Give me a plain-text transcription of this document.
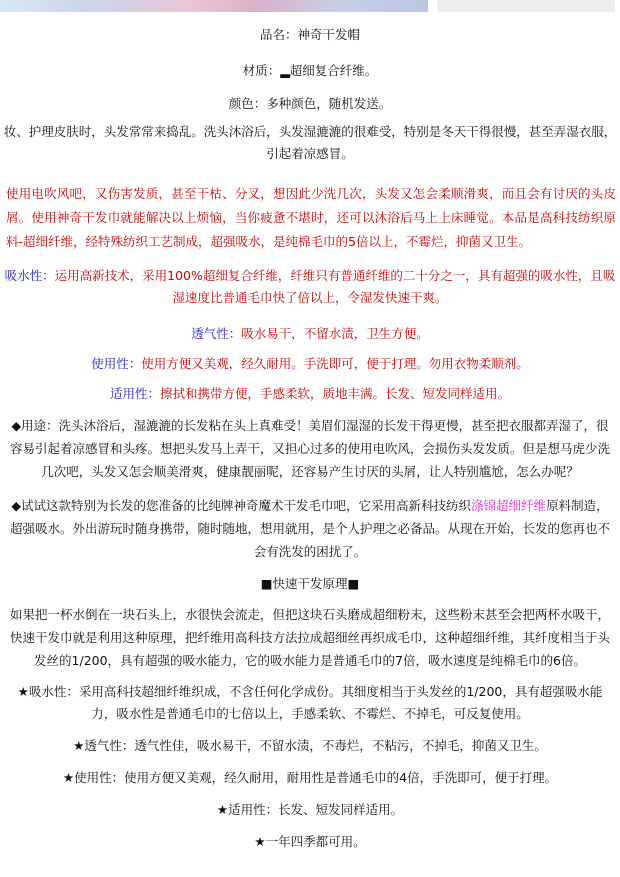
品名：神奇干发帽

材质：▂超细复合纤维。

颜色：多种颜色，随机发送。

妆、护理皮肤时，头发常常来捣乱。洗头沐浴后，头发湿漉漉的很难受，特别是冬天干得很慢，甚至弄湿衣服，引起着凉感冒。

使用电吹风吧，又伤害发质，甚至干枯、分叉，想因此少洗几次，头发又怎会柔顺滑爽，而且会有讨厌的头皮屑。使用神奇干发巾就能解决以上烦恼，当你疲惫不堪时，还可以沐浴后马上上床睡觉。本品是高科技纺织原料-超细纤维，经特殊纺织工艺制成，超强吸水，是纯棉毛巾的5倍以上，不霉烂，抑菌又卫生。

吸水性：运用高新技术，采用100%超细复合纤维，纤维只有普通纤维的二十分之一，具有超强的吸水性，且吸湿速度比普通毛巾快了倍以上，令湿发快速干爽。

透气性：吸水易干，不留水渍，卫生方便。

使用性：使用方便又美观，经久耐用。手洗即可，便于打理。勿用衣物柔顺剂。

适用性：擦拭和携带方便，手感柔软，质地丰满。长发、短发同样适用。

◆用途：洗头沐浴后，湿漉漉的长发粘在头上真难受！美眉们湿湿的长发干得更慢，甚至把衣服都弄湿了，很容易引起着凉感冒和头疼。想把头发马上弄干，又担心过多的使用电吹风，会损伤头发发质。但是想马虎少洗几次吧，头发又怎会顺美滑爽，健康靓丽呢，还容易产生讨厌的头屑，让人特别尴尬，怎么办呢？

◆试试这款特别为长发的您准备的比纯牌神奇魔术干发毛巾吧，它采用高新科技纺织涤锦超细纤维原料制造，超强吸水。外出游玩时随身携带，随时随地，想用就用，是个人护理之必备品。从现在开始，长发的您再也不会有洗发的困扰了。

■快速干发原理■

如果把一杯水倒在一块石头上，水很快会流走，但把这块石头磨成超细粉末，这些粉末甚至会把两杯水吸干，快速干发巾就是利用这种原理，把纤维用高科技方法拉成超细丝再织成毛巾，这种超细纤维，其纤度相当于头发丝的1/200，具有超强的吸水能力，它的吸水能力是普通毛巾的7倍，吸水速度是纯棉毛巾的6倍。

★吸水性：采用高科技超细纤维织成，不含任何化学成份。其细度相当于头发丝的1/200，具有超强吸水能力，吸水性是普通毛巾的七倍以上，手感柔软、不霉烂、不掉毛，可反复使用。

★透气性：透气性佳，吸水易干，不留水渍，不毒烂，不粘污，不掉毛，抑菌又卫生。

★使用性：使用方便又美观，经久耐用，耐用性是普通毛巾的4倍，手洗即可，便于打理。

★适用性：长发、短发同样适用。

★一年四季都可用。
